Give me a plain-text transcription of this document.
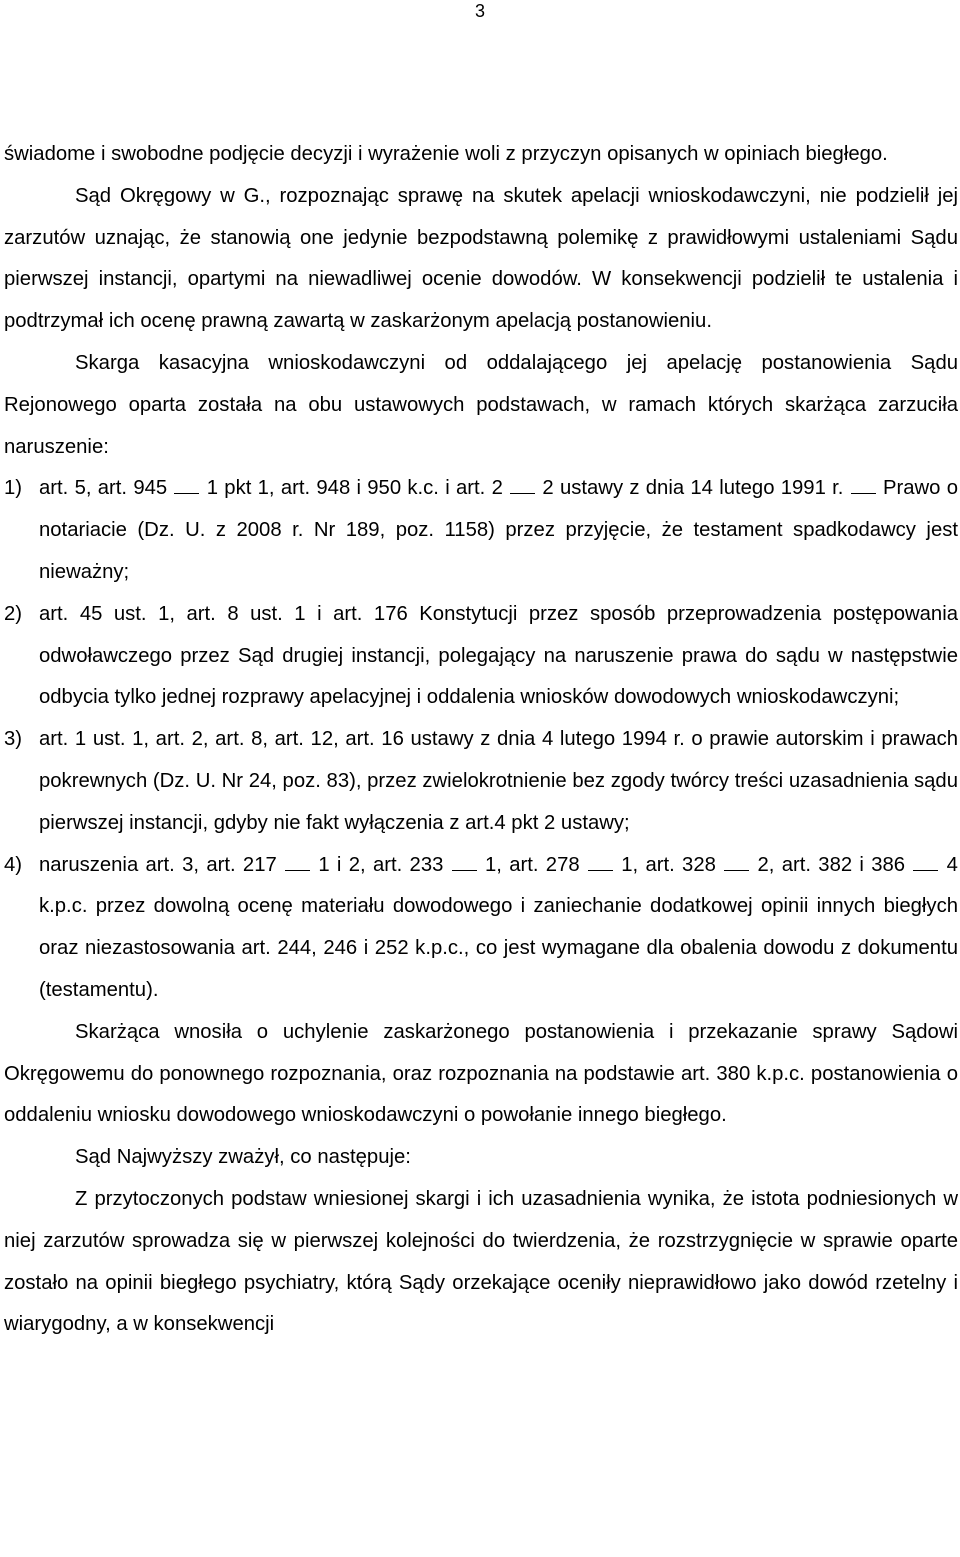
3

świadome i swobodne podjęcie decyzji i wyrażenie woli z przyczyn opisanych w opiniach biegłego.

Sąd Okręgowy w G., rozpoznając sprawę na skutek apelacji wnioskodawczyni, nie podzielił jej zarzutów uznając, że stanowią one jedynie bezpodstawną polemikę z prawidłowymi ustaleniami Sądu pierwszej instancji, opartymi na niewadliwej ocenie dowodów. W konsekwencji podzielił te ustalenia i podtrzymał ich ocenę prawną zawartą w zaskarżonym apelacją postanowieniu.

Skarga kasacyjna wnioskodawczyni od oddalającego jej apelację postanowienia Sądu Rejonowego oparta została na obu ustawowych podstawach, w ramach których skarżąca zarzuciła naruszenie:

1) art. 5, art. 945 1 pkt 1, art. 948 i 950 k.c. i art. 2 2 ustawy z dnia 14 lutego 1991 r. Prawo o notariacie (Dz. U. z 2008 r. Nr 189, poz. 1158) przez przyjęcie, że testament spadkodawcy jest nieważny;

2) art. 45 ust. 1, art. 8 ust. 1 i art. 176 Konstytucji przez sposób przeprowadzenia postępowania odwoławczego przez Sąd drugiej instancji, polegający na naruszenie prawa do sądu w następstwie odbycia tylko jednej rozprawy apelacyjnej i oddalenia wniosków dowodowych wnioskodawczyni;

3) art. 1 ust. 1, art. 2, art. 8, art. 12, art. 16 ustawy z dnia 4 lutego 1994 r. o prawie autorskim i prawach pokrewnych (Dz. U. Nr 24, poz. 83), przez zwielokrotnienie bez zgody twórcy treści uzasadnienia sądu pierwszej instancji, gdyby nie fakt wyłączenia z art.4 pkt 2 ustawy;

4) naruszenia art. 3, art. 217 1 i 2, art. 233 1, art. 278 1, art. 328 2, art. 382 i 386 4 k.p.c. przez dowolną ocenę materiału dowodowego i zaniechanie dodatkowej opinii innych biegłych oraz niezastosowania art. 244, 246 i 252 k.p.c., co jest wymagane dla obalenia dowodu z dokumentu (testamentu).

Skarżąca wnosiła o uchylenie zaskarżonego postanowienia i przekazanie sprawy Sądowi Okręgowemu do ponownego rozpoznania, oraz rozpoznania na podstawie art. 380 k.p.c. postanowienia o oddaleniu wniosku dowodowego wnioskodawczyni o powołanie innego biegłego.

Sąd Najwyższy zważył, co następuje:

Z przytoczonych podstaw wniesionej skargi i ich uzasadnienia wynika, że istota podniesionych w niej zarzutów sprowadza się w pierwszej kolejności do twierdzenia, że rozstrzygnięcie w sprawie oparte zostało na opinii biegłego psychiatry, którą Sądy orzekające oceniły nieprawidłowo jako dowód rzetelny i wiarygodny, a w konsekwencji
